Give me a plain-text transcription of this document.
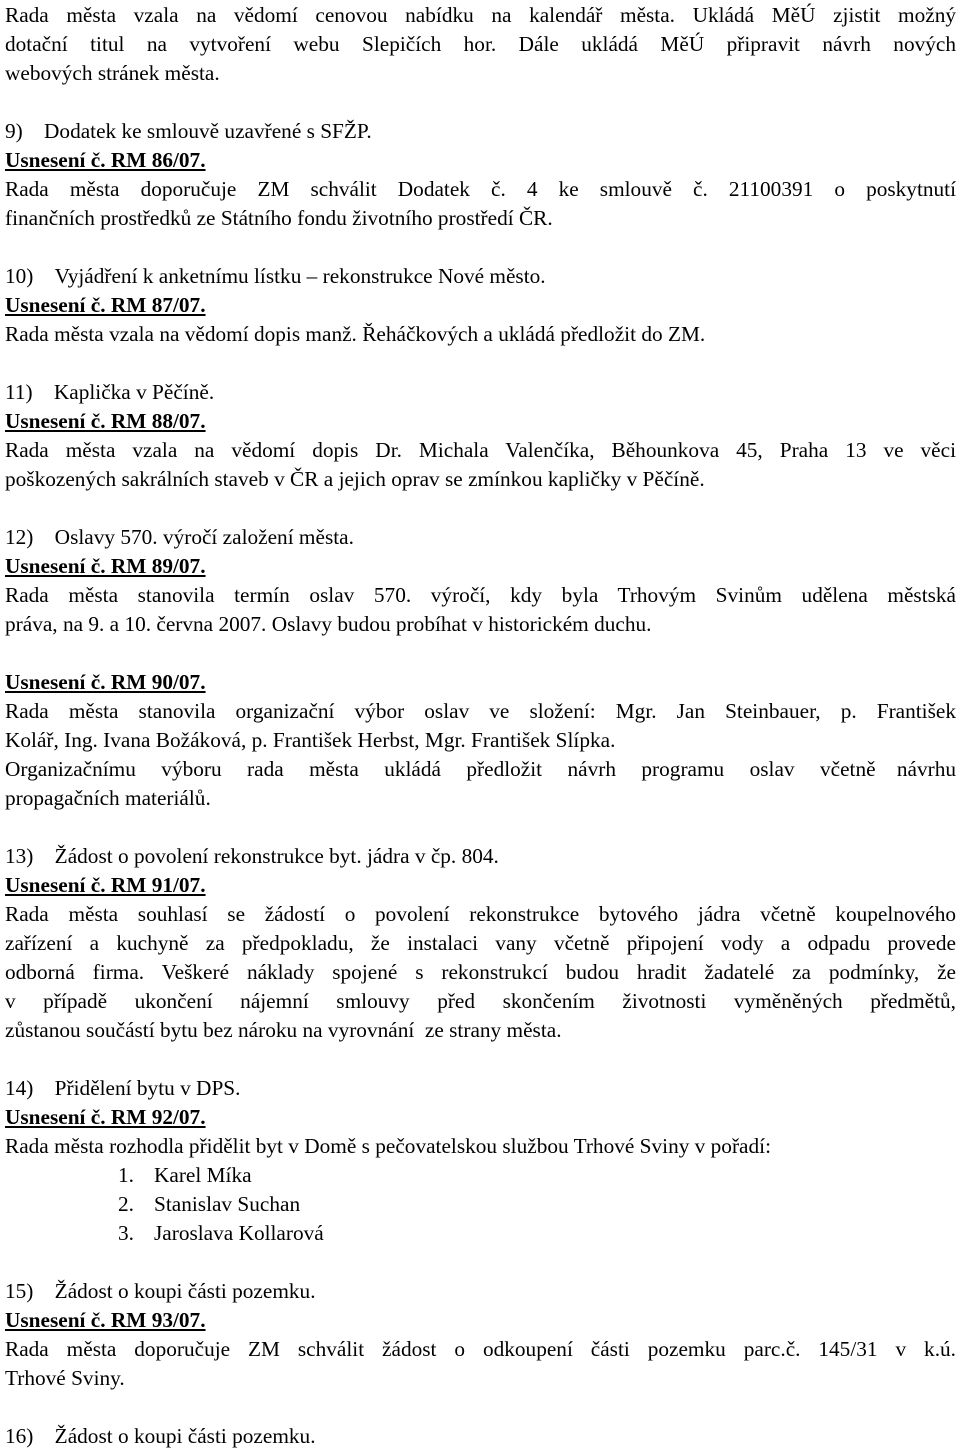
Rada města vzala na vědomí cenovou nabídku na kalendář města. Ukládá MěÚ zjistit možný
dotační titul na vytvoření webu Slepičích hor. Dále ukládá MěÚ připravit návrh nových
webových stránek města.
9) Dodatek ke smlouvě uzavřené s SFŽP.
Usnesení č. RM 86/07.
Rada města doporučuje ZM schválit Dodatek č. 4 ke smlouvě č. 21100391 o poskytnutí
finančních prostředků ze Státního fondu životního prostředí ČR.
10) Vyjádření k anketnímu lístku – rekonstrukce Nové město.
Usnesení č. RM 87/07.
Rada města vzala na vědomí dopis manž. Řeháčkových a ukládá předložit do ZM.
11) Kaplička v Pěčíně.
Usnesení č. RM 88/07.
Rada města vzala na vědomí dopis Dr. Michala Valenčíka, Běhounkova 45, Praha 13 ve věci
poškozených sakrálních staveb v ČR a jejich oprav se zmínkou kapličky v Pěčíně.
12) Oslavy 570. výročí založení města.
Usnesení č. RM 89/07.
Rada města stanovila termín oslav 570. výročí, kdy byla Trhovým Svinům udělena městská
práva, na 9. a 10. června 2007. Oslavy budou probíhat v historickém duchu.
Usnesení č. RM 90/07.
Rada města stanovila organizační výbor oslav ve složení: Mgr. Jan Steinbauer, p. František
Kolář, Ing. Ivana Božáková, p. František Herbst, Mgr. František Slípka.
Organizačnímu výboru rada města ukládá předložit návrh programu oslav včetně návrhu
propagačních materiálů.
13) Žádost o povolení rekonstrukce byt. jádra v čp. 804.
Usnesení č. RM 91/07.
Rada města souhlasí se žádostí o povolení rekonstrukce bytového jádra včetně koupelnového
zařízení a kuchyně za předpokladu, že instalaci vany včetně připojení vody a odpadu provede
odborná firma. Veškeré náklady spojené s rekonstrukcí budou hradit žadatelé za podmínky, že
v případě ukončení nájemní smlouvy před skončením životnosti vyměněných předmětů,
zůstanou součástí bytu bez nároku na vyrovnání ze strany města.
14) Přidělení bytu v DPS.
Usnesení č. RM 92/07.
Rada města rozhodla přidělit byt v Domě s pečovatelskou službou Trhové Sviny v pořadí:
1. Karel Míka
2. Stanislav Suchan
3. Jaroslava Kollarová
15) Žádost o koupi části pozemku.
Usnesení č. RM 93/07.
Rada města doporučuje ZM schválit žádost o odkoupení části pozemku parc.č. 145/31 v k.ú.
Trhové Sviny.
16) Žádost o koupi části pozemku.
